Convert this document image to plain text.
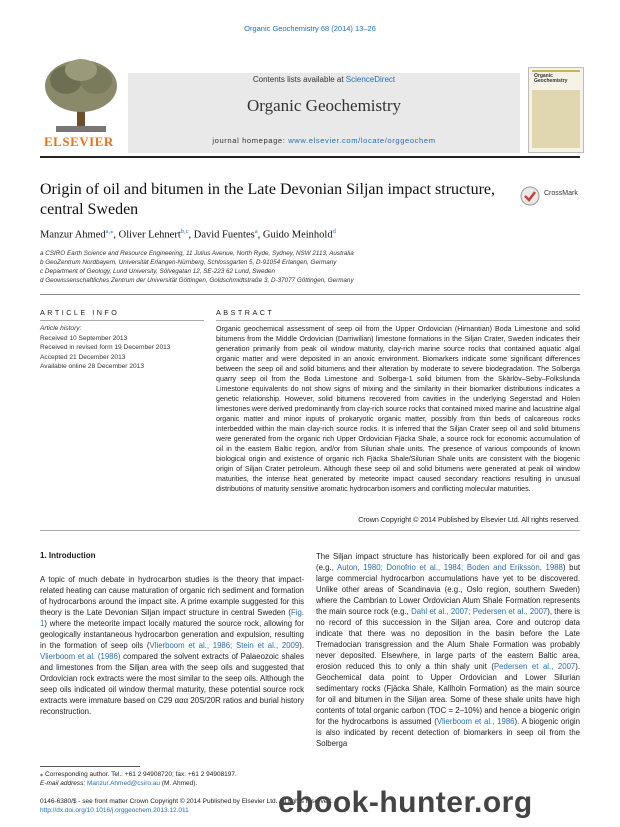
Organic Geochemistry 68 (2014) 13–26
ELSEVIER
Contents lists available at ScienceDirect
Organic Geochemistry
journal homepage: www.elsevier.com/locate/orggeochem
Organic
Geochemistry
Origin of oil and bitumen in the Late Devonian Siljan impact structure, central Sweden
CrossMark
Manzur Ahmed$^{a,⁎}$, Oliver Lehnert$^{b,c}$, David Fuentes$^a$, Guido Meinhold$^d$
a CSIRO Earth Science and Resource Engineering, 11 Julius Avenue, North Ryde, Sydney, NSW 2113, Australia
b GeoZentrum Nordbayern, Universität Erlangen-Nürnberg, Schlossgarten 5, D-91054 Erlangen, Germany
c Department of Geology, Lund University, Sölvegatan 12, SE-223 62 Lund, Sweden
d Geowissenschaftliches Zentrum der Universität Göttingen, Goldschmidtstraße 3, D-37077 Göttingen, Germany
ARTICLE INFO
Article history:
Received 10 September 2013
Received in revised form 19 December 2013
Accepted 21 December 2013
Available online 28 December 2013
ABSTRACT
Organic geochemical assessment of seep oil from the Upper Ordovician (Hirnantian) Boda Limestone and solid bitumens from the Middle Ordovician (Darriwilian) limestone formations in the Siljan Crater, Sweden indicates their generation primarily from peak oil window maturity, clay-rich marine source rocks that contained aquatic algal organic matter and were deposited in an anoxic environment. Biomarkers indicate some significant differences between the seep oil and solid bitumens and their alteration by moderate to severe biodegradation. The Solberga quarry seep oil from the Boda Limestone and Solberga-1 solid bitumen from the Skärlöv–Seby–Folkslunda Limestone equivalents do not show signs of mixing and the similarity in their biomarker distributions indicates a genetic relationship. However, solid bitumens recovered from cavities in the underlying Segerstad and Holen limestones were derived predominantly from clay-rich source rocks that contained mixed marine and lacustrine algal organic matter and minor inputs of prokaryotic organic matter, possibly from thin beds of calcareous rocks interbedded within the main clay-rich source rocks. It is inferred that the Siljan Crater seep oil and solid bitumens were generated from the organic rich Upper Ordovician Fjäcka Shale, a source rock for economic accumulation of oil in the eastern Baltic region, and/or from Silurian shale units. The presence of various compounds of known biological origin and existence of organic rich Fjäcka Shale/Silurian Shale units are consistent with the biogenic origin of Siljan Crater petroleum. Although these seep oil and solid bitumens were generated at peak oil window maturities, the intense heat generated by meteorite impact caused secondary reactions resulting in unusual distributions of maturity sensitive aromatic hydrocarbon isomers and conflicting molecular maturities.
Crown Copyright © 2014 Published by Elsevier Ltd. All rights reserved.
1. Introduction
A topic of much debate in hydrocarbon studies is the theory that impact-related heating can cause maturation of organic rich sediment and formation of hydrocarbons around the impact site. A prime example suggested for this theory is the Late Devonian Siljan impact structure in central Sweden (Fig. 1) where the meteorite impact locally matured the source rock, allowing for geologically instantaneous hydrocarbon generation and expulsion, resulting in the formation of seep oils (Vlierboom et al., 1986; Stein et al., 2009). Vlierboom et al. (1986) compared the solvent extracts of Palaeozoic shales and limestones from the Siljan area with the seep oils and suggested that Ordovician rock extracts were the most similar to the seep oils. Although the seep oils indicated oil window thermal maturity, these potential source rock extracts were immature based on C29 ααα 20S/20R ratios and burial history reconstruction.
The Siljan impact structure has historically been explored for oil and gas (e.g., Auton, 1980; Donofrio et al., 1984; Boden and Eriksson, 1988) but large commercial hydrocarbon accumulations have yet to be discovered. Unlike other areas of Scandinavia (e.g., Oslo region, southern Sweden) where the Cambrian to Lower Ordovician Alum Shale Formation represents the main source rock (e.g., Dahl et al., 2007; Pedersen et al., 2007), there is no record of this succession in the Siljan area. Core and outcrop data indicate that there was no deposition in the basin before the Late Tremadocian transgression and the Alum Shale Formation was probably never deposited. Elsewhere, in large parts of the eastern Baltic area, erosion reduced this to only a thin shaly unit (Pedersen et al., 2007). Geochemical data point to Upper Ordovician and Lower Silurian sedimentary rocks (Fjäcka Shale, Kallholn Formation) as the main source for oil and bitumen in the Siljan area. Some of these shale units have high contents of total organic carbon (TOC = 2–10%) and hence a biogenic origin for the hydrocarbons is assumed (Vlierboom et al., 1986). A biogenic origin is also indicated by recent detection of biomarkers in seep oil from the Solberga
⁎ Corresponding author. Tel.: +61 2 94908720; fax: +61 2 94908197.
E-mail address: Manzur.Ahmed@csiro.au (M. Ahmed).
0146-6380/$ - see front matter Crown Copyright © 2014 Published by Elsevier Ltd. All rights reserved.
http://dx.doi.org/10.1016/j.orggeochem.2013.12.011	ebook-hunter.org
